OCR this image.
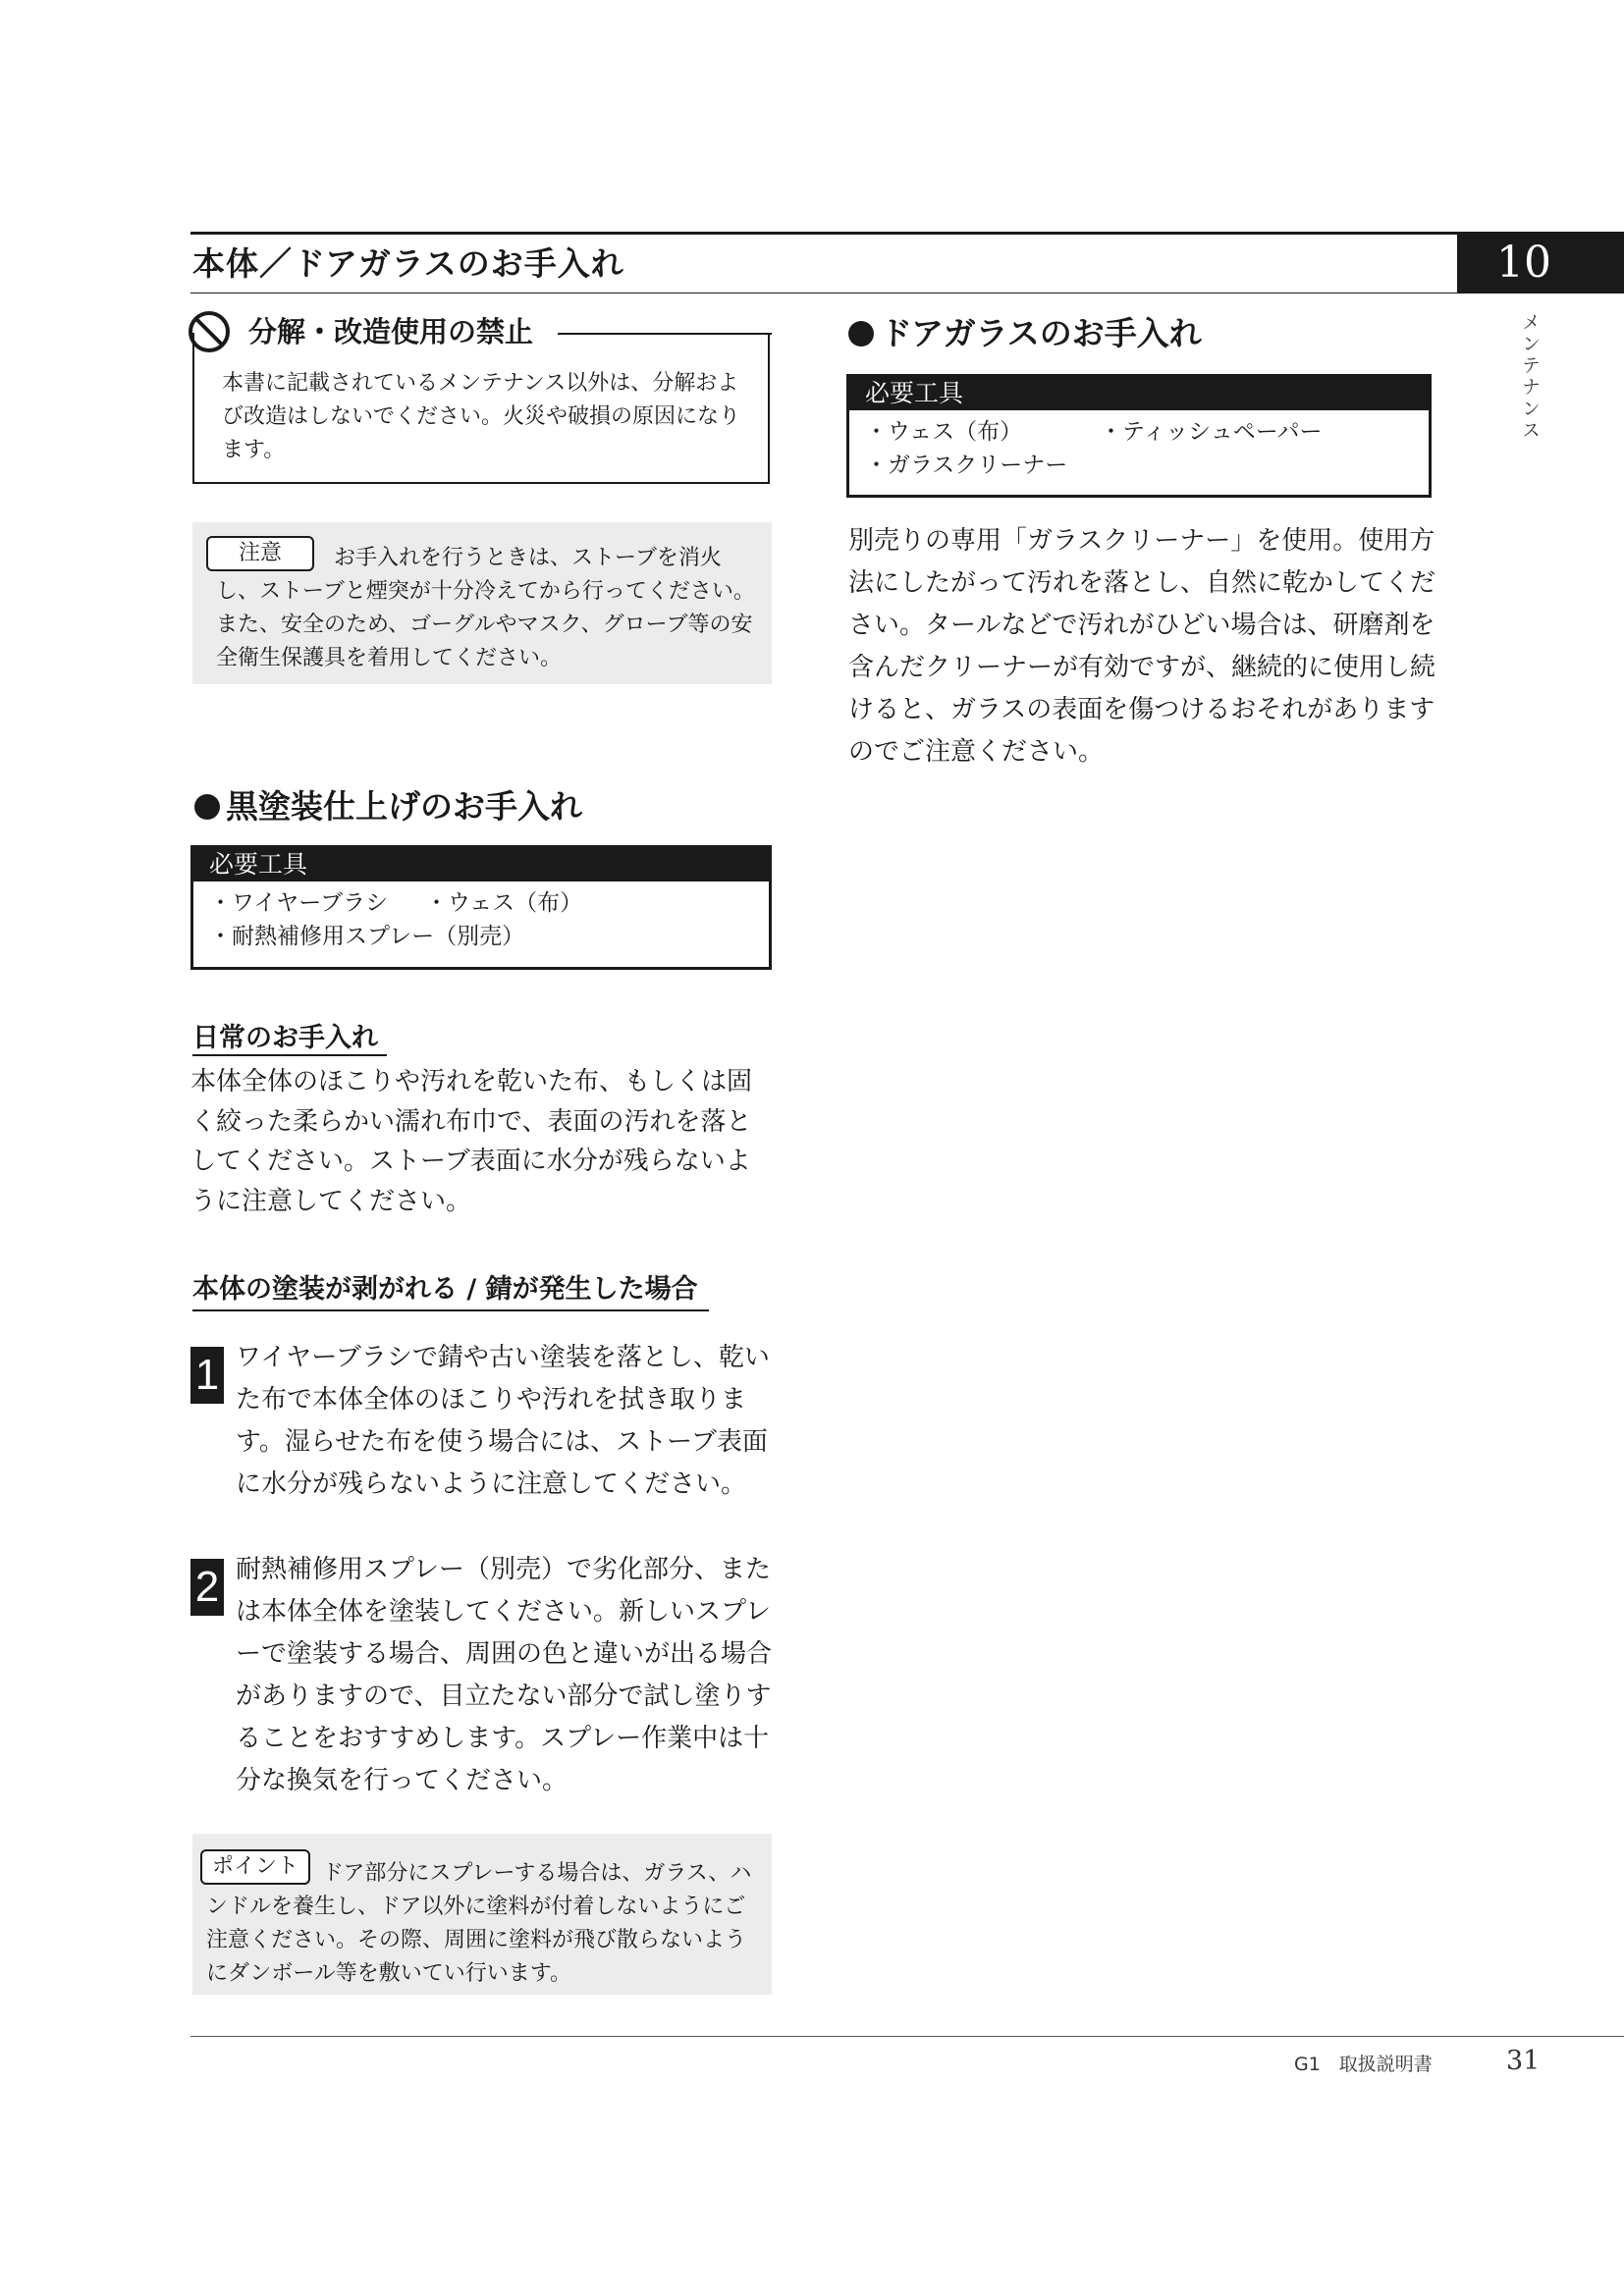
本体／ドアガラスのお手入れ	10
メンテナンス
分解・改造使用の禁止
本書に記載されているメンテナンス以外は、分解および改造はしないでください。火災や破損の原因になります。
お手入れを行うときは、ストーブを消火し、ストーブと煙突が十分冷えてから行ってください。また、安全のため、ゴーグルやマスク、グローブ等の安全衛生保護具を着用してください。
注意
黒塗装仕上げのお手入れ
必要工具
・ワイヤーブラシ ・ウェス（布）
・耐熱補修用スプレー（別売）
日常のお手入れ
本体全体のほこりや汚れを乾いた布、もしくは固く絞った柔らかい濡れ布巾で、表面の汚れを落としてください。ストーブ表面に水分が残らないように注意してください。
本体の塗装が剥がれる / 錆が発生した場合
1 ワイヤーブラシで錆や古い塗装を落とし、乾いた布で本体全体のほこりや汚れを拭き取ります。湿らせた布を使う場合には、ストーブ表面に水分が残らないように注意してください。
2 耐熱補修用スプレー（別売）で劣化部分、または本体全体を塗装してください。新しいスプレーで塗装する場合、周囲の色と違いが出る場合がありますので、目立たない部分で試し塗りすることをおすすめします。スプレー作業中は十分な換気を行ってください。
ドア部分にスプレーする場合は、ガラス、ハンドルを養生し、ドア以外に塗料が付着しないようにご注意ください。その際、周囲に塗料が飛び散らないようにダンボール等を敷いてい行います。
ポイント
ドアガラスのお手入れ
必要工具
・ウェス（布）	・ティッシュペーパー
・ガラスクリーナー
別売りの専用「ガラスクリーナー」を使用。使用方法にしたがって汚れを落とし、自然に乾かしてください。タールなどで汚れがひどい場合は、研磨剤を含んだクリーナーが有効ですが、継続的に使用し続けると、ガラスの表面を傷つけるおそれがありますのでご注意ください。
G1　取扱説明書	31
